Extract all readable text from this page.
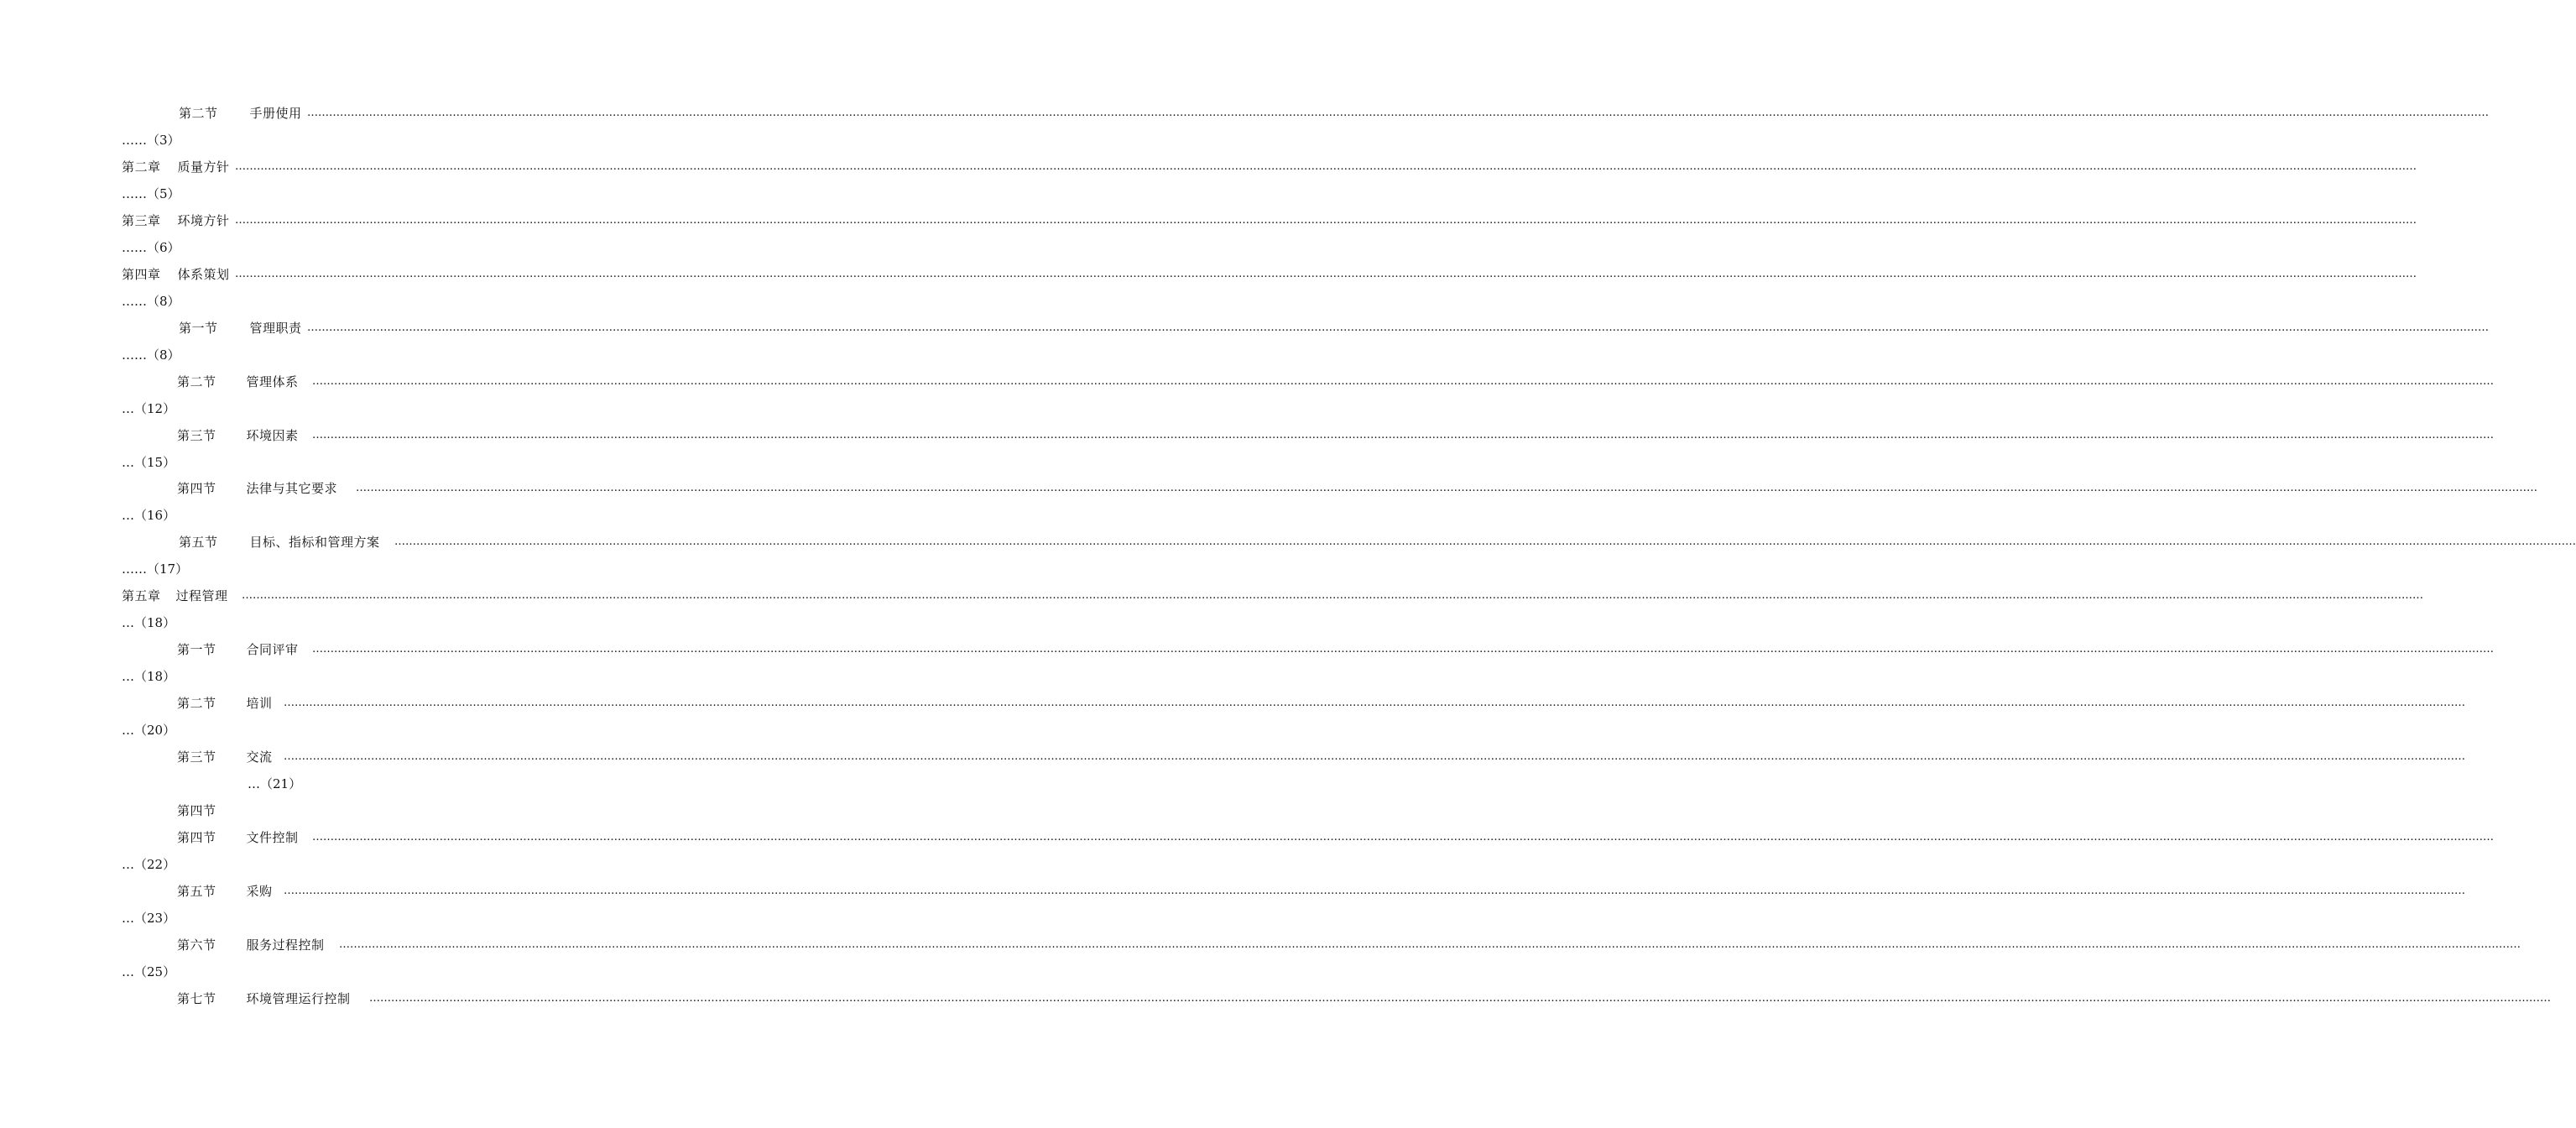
第二节	手册使用 ……………………………………………………………………………………………………………………………………………………………………………………………………………………………………………………………………………………………………………………………………………………………………………………………………………………………………………………………………………………………………………………………………………………
……（3）
第二章 质量方针 ……………………………………………………………………………………………………………………………………………………………………………………………………………………………………………………………………………………………………………………………………………………………………………………………………………………………………………………………………………………………………………………………………………………
……（5）
第三章 环境方针 ……………………………………………………………………………………………………………………………………………………………………………………………………………………………………………………………………………………………………………………………………………………………………………………………………………………………………………………………………………………………………………………………………………………
……（6）
第四章 体系策划 ……………………………………………………………………………………………………………………………………………………………………………………………………………………………………………………………………………………………………………………………………………………………………………………………………………………………………………………………………………………………………………………………………………………
……（8）
第一节	管理职责 ……………………………………………………………………………………………………………………………………………………………………………………………………………………………………………………………………………………………………………………………………………………………………………………………………………………………………………………………………………………………………………………………………………………
……（8）
第二节 管理体系 ……………………………………………………………………………………………………………………………………………………………………………………………………………………………………………………………………………………………………………………………………………………………………………………………………………………………………………………………………………………………………………………………………………………
…（12）
第三节 环境因素 ……………………………………………………………………………………………………………………………………………………………………………………………………………………………………………………………………………………………………………………………………………………………………………………………………………………………………………………………………………………………………………………………………………………
…（15）
第四节 法律与其它要求 ……………………………………………………………………………………………………………………………………………………………………………………………………………………………………………………………………………………………………………………………………………………………………………………………………………………………………………………………………………………………………………………………………………………
…（16）
第五节	目标、指标和管理方案 ……………………………………………………………………………………………………………………………………………………………………………………………………………………………………………………………………………………………………………………………………………………………………………………………………………………………………………………………………………………………………………………………………………………
……（17）
第五章 过程管理 ……………………………………………………………………………………………………………………………………………………………………………………………………………………………………………………………………………………………………………………………………………………………………………………………………………………………………………………………………………………………………………………………………………………
…（18）
第一节 合同评审 ……………………………………………………………………………………………………………………………………………………………………………………………………………………………………………………………………………………………………………………………………………………………………………………………………………………………………………………………………………………………………………………………………………………
…（18）
第二节 培训 ……………………………………………………………………………………………………………………………………………………………………………………………………………………………………………………………………………………………………………………………………………………………………………………………………………………………………………………………………………………………………………………………………………………
…（20）
第三节 交流 ……………………………………………………………………………………………………………………………………………………………………………………………………………………………………………………………………………………………………………………………………………………………………………………………………………………………………………………………………………………………………………………………………………………
…（21）
第四节
第四节 文件控制 ……………………………………………………………………………………………………………………………………………………………………………………………………………………………………………………………………………………………………………………………………………………………………………………………………………………………………………………………………………………………………………………………………………………
…（22）
第五节 采购 ……………………………………………………………………………………………………………………………………………………………………………………………………………………………………………………………………………………………………………………………………………………………………………………………………………………………………………………………………………………………………………………………………………………
…（23）
第六节 服务过程控制 ……………………………………………………………………………………………………………………………………………………………………………………………………………………………………………………………………………………………………………………………………………………………………………………………………………………………………………………………………………………………………………………………………………………
…（25）
第七节 环境管理运行控制 ……………………………………………………………………………………………………………………………………………………………………………………………………………………………………………………………………………………………………………………………………………………………………………………………………………………………………………………………………………………………………………………………………………………
